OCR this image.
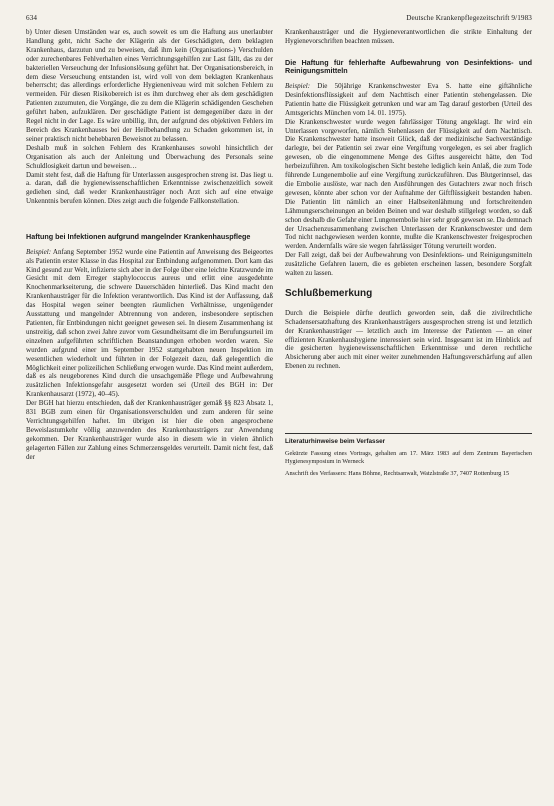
634	Deutsche Krankenpflegezeitschrift 9/1983

b) Unter diesen Umständen war es, auch soweit es um die Haftung aus unerlaubter Handlung geht, nicht Sache der Klägerin als der Geschädigten, dem beklagten Krankenhaus, darzutun und zu beweisen, daß ihm kein (Organisations-) Verschulden oder zurechenbares Fehlverhalten eines Verrichtungsgehilfen zur Last fällt, das zu der bakteriellen Verseuchung der Infusionslösung geführt hat. Der Organisationsbereich, in dem diese Verseuchung entstanden ist, wird voll von dem beklagten Krankenhaus beherrscht; das allerdings erforderliche Hygieneniveau wird mit solchen Fehlern zu vermeiden. Für diesen Risikobereich ist es ihm durchweg eher als dem geschädigten Patienten zuzumuten, die Vorgänge, die zu dem die Klägerin schädigenden Geschehen geführt haben, aufzuklären. Der geschädigte Patient ist demgegenüber dazu in der Regel nicht in der Lage. Es wäre unbillig, ihn, der aufgrund des objektiven Fehlers im Bereich des Krankenhauses bei der Heilbehandlung zu Schaden gekommen ist, in seiner praktisch nicht behebbaren Beweisnot zu belassen.

Deshalb muß in solchen Fehlern des Krankenhauses sowohl hinsichtlich der Organisation als auch der Anleitung und Überwachung des Personals seine Schuldlosigkeit dartun und beweisen…

Damit steht fest, daß die Haftung für Unterlassen ausgesprochen streng ist. Das liegt u. a. daran, daß die hygienewissenschaftlichen Erkenntnisse zwischenzeitlich soweit gediehen sind, daß weder Krankenhausträger noch Arzt sich auf eine etwaige Unkenntnis berufen können. Dies zeigt auch die folgende Fallkonstellation.

Haftung bei Infektionen aufgrund mangelnder Krankenhauspflege

Beispiel: Anfang September 1952 wurde eine Patientin auf Anweisung des Beigeortes als Patientin erster Klasse in das Hospital zur Entbindung aufgenommen. Dort kam das Kind gesund zur Welt, infizierte sich aber in der Folge über eine leichte Kratzwunde im Gesicht mit dem Erreger staphylococcus aureus und erlitt eine ausgedehnte Knochenmarkseiterung, die schwere Dauerschäden hinterließ. Das Kind macht den Krankenhausträger für die Infektion verantwortlich. Das Kind ist der Auffassung, daß das Hospital wegen seiner beengten räumlichen Verhältnisse, ungenügender Ausstattung und mangelnder Abtrennung von anderen, insbesondere septischen Patienten, für Entbindungen nicht geeignet gewesen sei. In diesem Zusammenhang ist unstreitig, daß schon zwei Jahre zuvor vom Gesundheitsamt die im Berufungsurteil im einzelnen aufgeführten schriftlichen Beanstandungen erhoben worden waren. Sie wurden aufgrund einer im September 1952 stattgehabten neuen Inspektion im wesentlichen wiederholt und führten in der Folgezeit dazu, daß gelegentlich die Möglichkeit einer polizeilichen Schließung erwogen wurde. Das Kind meint außerdem, daß es als neugeborenes Kind durch die unsachgemäße Pflege und Aufbewahrung zusätzlichen Infektionsgefahr ausgesetzt worden sei (Urteil des BGH in: Der Krankenhausarzt (1972), 40–45).

Der BGH hat hierzu entschieden, daß der Krankenhausträger gemäß §§ 823 Absatz 1, 831 BGB zum einen für Organisationsverschulden und zum anderen für seine Verrichtungsgehilfen haftet. Im übrigen ist hier die oben angesprochene Beweislastumkehr völlig anzuwenden des Krankenhausträgers zur Anwendung gekommen. Der Krankenhausträger wurde also in diesem wie in vielen ähnlich gelagerten Fällen zur Zahlung eines Schmerzensgeldes verurteilt. Damit nicht fest, daß der

Krankenhausträger und die Hygieneverantwortlichen die strikte Einhaltung der Hygienevorschriften beachten müssen.

Die Haftung für fehlerhafte Aufbewahrung von Desinfektions- und Reinigungsmitteln

Beispiel: Die 50jährige Krankenschwester Eva S. hatte eine giftähnliche Desinfektionsflüssigkeit auf dem Nachttisch einer Patientin stehengelassen. Die Patientin hatte die Flüssigkeit getrunken und war am Tag darauf gestorben (Urteil des Amtsgerichts München vom 14. 01. 1975).

Die Krankenschwester wurde wegen fahrlässiger Tötung angeklagt. Ihr wird ein Unterlassen vorgeworfen, nämlich Stehenlassen der Flüssigkeit auf dem Nachttisch. Die Krankenschwester hatte insoweit Glück, daß der medizinische Sachverständige darlegte, bei der Patientin sei zwar eine Vergiftung vorgelegen, es sei aber fraglich gewesen, ob die eingenommene Menge des Giftes ausgereicht hätte, den Tod herbeizuführen. Am toxikologischen Sicht bestehe lediglich kein Anlaß, die zum Tode führende Lungenembolie auf eine Vergiftung zurückzuführen. Das Blutgerinnsel, das die Embolie auslöste, war nach den Ausführungen des Gutachters zwar noch frisch gewesen, könnte aber schon vor der Aufnahme der Giftflüssigkeit bestanden haben. Die Patientin litt nämlich an einer Halbseitenlähmung und fortschreitenden Lähmungserscheinungen an beiden Beinen und war deshalb stillgelegt worden, so daß schon deshalb die Gefahr einer Lungenembolie hier sehr groß gewesen se. Da demnach der Ursachenzusammenhang zwischen Unterlassen der Krankenschwester und dem Tod nicht nachgewiesen werden konnte, mußte die Krankenschwester freigesprochen werden. Andernfalls wäre sie wegen fahrlässiger Tötung verurteilt worden.

Der Fall zeigt, daß bei der Aufbewahrung von Desinfektions- und Reinigungsmitteln zusätzliche Gefahren lauern, die es gebieten erscheinen lassen, besondere Sorgfalt walten zu lassen.

Schlußbemerkung

Durch die Beispiele dürfte deutlich geworden sein, daß die zivilrechtliche Schadensersatzhaftung des Krankenhausträgers ausgesprochen streng ist und letztlich der Krankenhausträger — letztlich auch im Interesse der Patienten — an einer effizienten Krankenhaushygiene interessiert sein wird. Insgesamt ist im Hinblick auf die gesicherten hygienewissenschaftlichen Erkenntnisse und deren rechtliche Absicherung aber auch mit einer weiter zunehmenden Haftungsverschärfung auf allen Ebenen zu rechnen.

Literaturhinweise beim Verfasser

Gekürzte Fassung eines Vortrags, gehalten am 17. März 1983 auf dem Zentrum Bayerischen Hygienesymposium in Werneck

Anschrift des Verfassers: Hans Böhme, Rechtsanwalt, Watzlstraße 37, 7407 Rottenburg 15
